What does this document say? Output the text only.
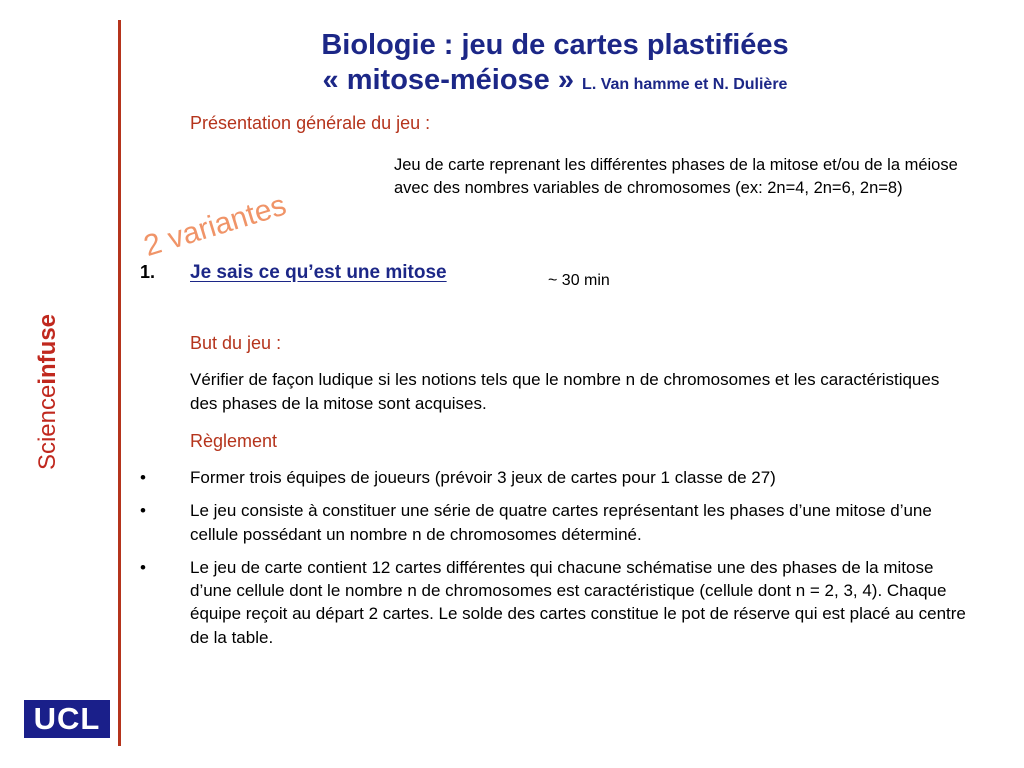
Scienceinfuse
UCL
Biologie : jeu de cartes plastifiées
« mitose-méiose » L. Van hamme et N. Dulière
Présentation générale du jeu :
Jeu de carte reprenant les différentes phases de la mitose et/ou de la méiose avec des nombres variables de chromosomes (ex: 2n=4, 2n=6, 2n=8)
2 variantes
1. Je sais ce qu’est une mitose	~ 30 min
But du jeu :
Vérifier de façon ludique si les notions tels que le nombre n de chromosomes et les caractéristiques des phases de la mitose sont acquises.
Règlement
•	Former trois équipes de joueurs (prévoir 3 jeux de cartes pour 1 classe de 27)
•	Le jeu consiste à constituer une série de quatre cartes représentant les phases d’une mitose d’une cellule possédant un nombre n de chromosomes déterminé.
•	Le jeu de carte contient 12 cartes différentes qui chacune schématise une des phases de la mitose d’une cellule dont le nombre n de chromosomes est caractéristique (cellule dont n = 2, 3, 4). Chaque équipe reçoit au départ 2 cartes. Le solde des cartes constitue le pot de réserve qui est placé au centre de la table.
